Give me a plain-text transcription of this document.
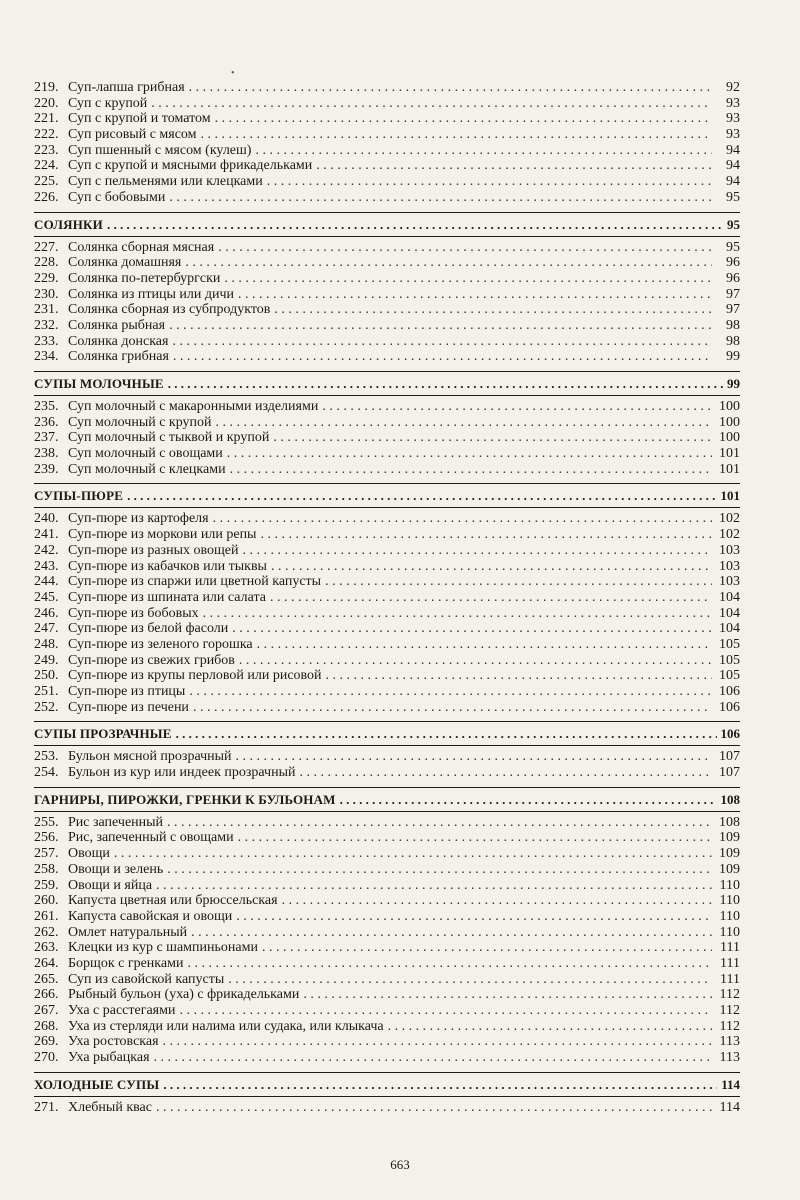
•
219. Суп-лапша грибная . . .	92
220. Суп с крупой . . .	93
221. Суп с крупой и томатом . . .	93
222. Суп рисовый с мясом . . .	93
223. Суп пшенный с мясом (кулеш) . . .	94
224. Суп с крупой и мясными фрикадельками . . .	94
225. Суп с пельменями или клецками . . .	94
226. Суп с бобовыми . . .	95
СОЛЯНКИ . . .	95
227. Солянка сборная мясная . . .	95
228. Солянка домашняя . . .	96
229. Солянка по-петербургски . . .	96
230. Солянка из птицы или дичи . . .	97
231. Солянка сборная из субпродуктов . . .	97
232. Солянка рыбная . . .	98
233. Солянка донская . . .	98
234. Солянка грибная . . .	99
СУПЫ МОЛОЧНЫЕ . . .	99
235. Суп молочный с макаронными изделиями . . .	100
236. Суп молочный с крупой . . .	100
237. Суп молочный с тыквой и крупой . . .	100
238. Суп молочный с овощами . . .	101
239. Суп молочный с клецками . . .	101
СУПЫ-ПЮРЕ . . .	101
240. Суп-пюре из картофеля . . .	102
241. Суп-пюре из моркови или репы . . .	102
242. Суп-пюре из разных овощей . . .	103
243. Суп-пюре из кабачков или тыквы . . .	103
244. Суп-пюре из спаржи или цветной капусты . . .	103
245. Суп-пюре из шпината или салата . . .	104
246. Суп-пюре из бобовых . . .	104
247. Суп-пюре из белой фасоли . . .	104
248. Суп-пюре из зеленого горошка . . .	105
249. Суп-пюре из свежих грибов . . .	105
250. Суп-пюре из крупы перловой или рисовой . . .	105
251. Суп-пюре из птицы . . .	106
252. Суп-пюре из печени . . .	106
СУПЫ ПРОЗРАЧНЫЕ . . .	106
253. Бульон мясной прозрачный . . .	107
254. Бульон из кур или индеек прозрачный . . .	107
ГАРНИРЫ, ПИРОЖКИ, ГРЕНКИ К БУЛЬОНАМ . . .	108
255. Рис запеченный . . .	108
256. Рис, запеченный с овощами . . .	109
257. Овощи . . .	109
258. Овощи и зелень . . .	109
259. Овощи и яйца . . .	110
260. Капуста цветная или брюссельская . . .	110
261. Капуста савойская и овощи . . .	110
262. Омлет натуральный . . .	110
263. Клецки из кур с шампиньонами . . .	111
264. Борщок с гренками . . .	111
265. Суп из савойской капусты . . .	111
266. Рыбный бульон (уха) с фрикадельками . . .	112
267. Уха с расстегаями . . .	112
268. Уха из стерляди или налима или судака, или клыкача . . .	112
269. Уха ростовская . . .	113
270. Уха рыбацкая . . .	113
ХОЛОДНЫЕ СУПЫ . . .	114
271. Хлебный квас . . .	114
663
